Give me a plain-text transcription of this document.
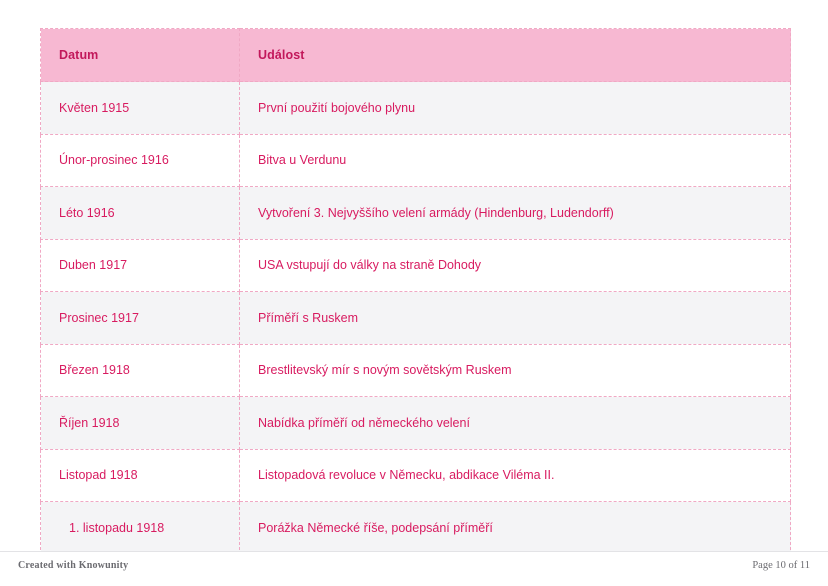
Datum	Událost

Květen 1915	První použití bojového plynu

Únor-prosinec 1916	Bitva u Verdunu

Léto 1916	Vytvoření 3. Nejvyššího velení armády (Hindenburg, Ludendorff)

Duben 1917	USA vstupují do války na straně Dohody

Prosinec 1917	Příměří s Ruskem

Březen 1918	Brestlitevský mír s novým sovětským Ruskem

Říjen 1918	Nabídka příměří od německého velení

Listopad 1918	Listopadová revoluce v Německu, abdikace Viléma II.

1. listopadu 1918	Porážka Německé říše, podepsání příměří
Created with Knowunity	Page 10 of 11
